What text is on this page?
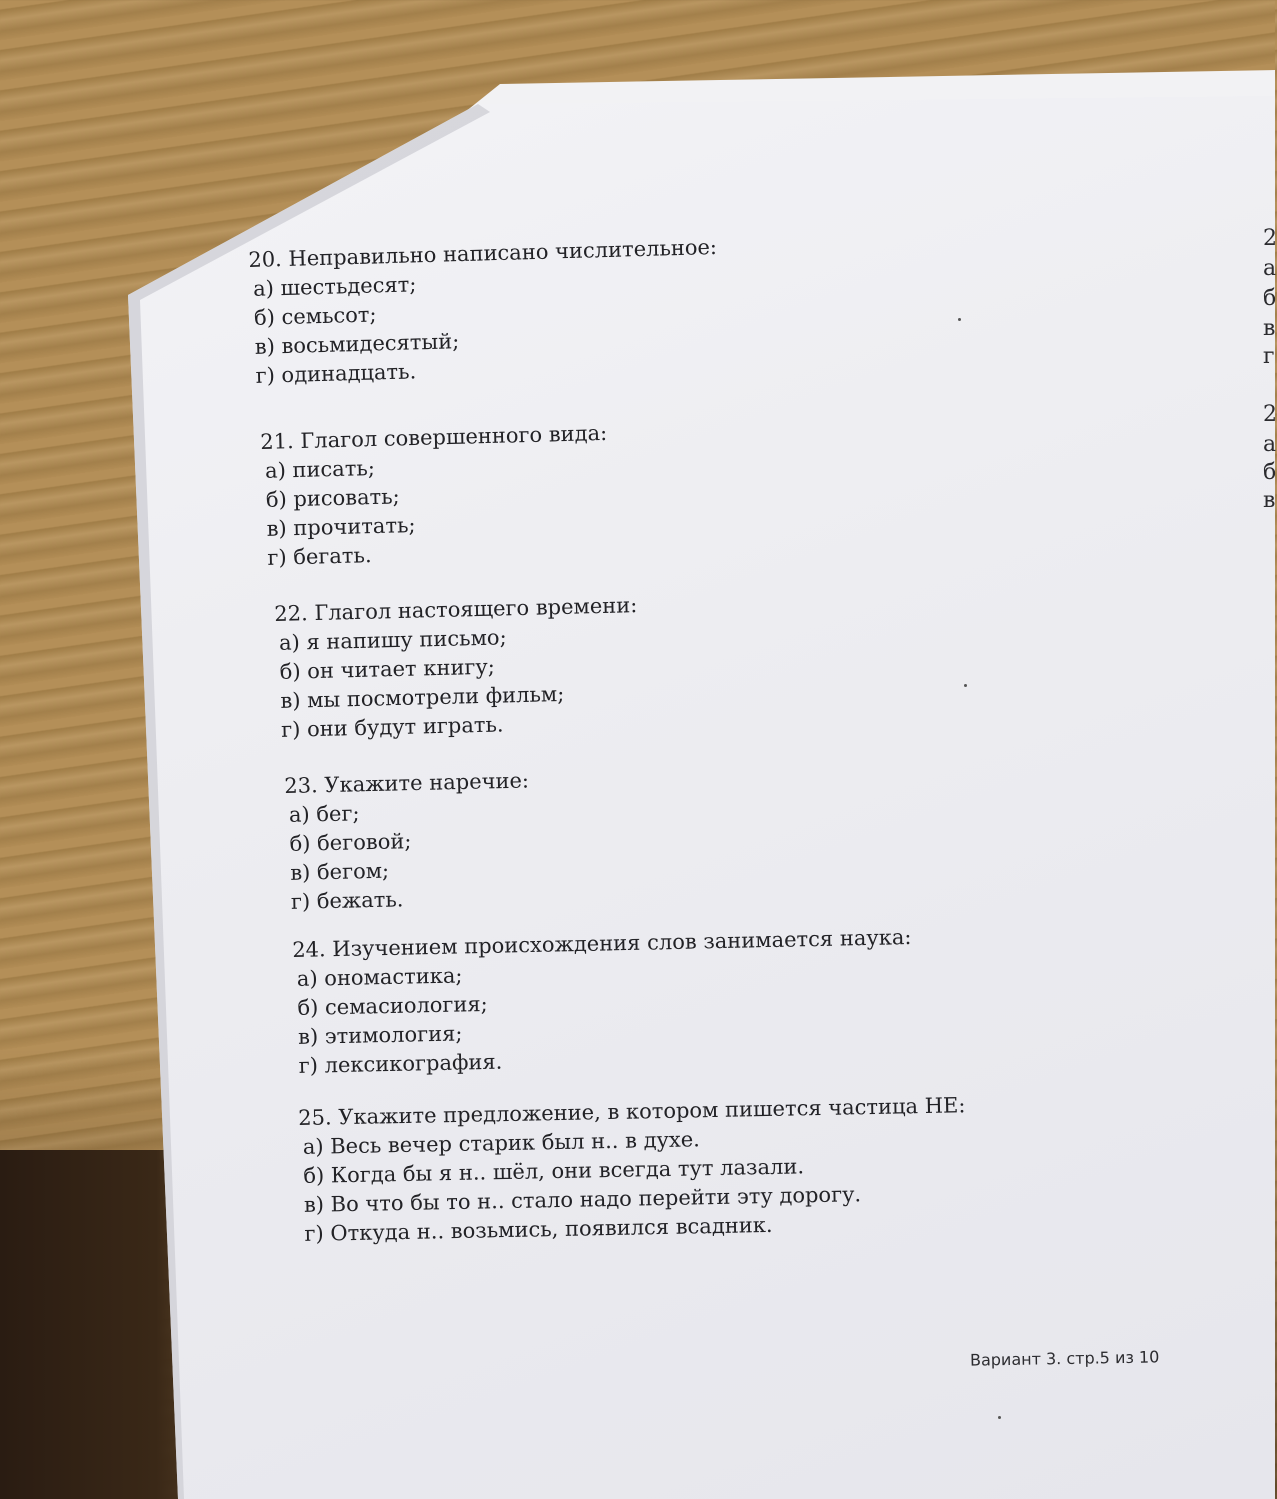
2
а
б
в
г
2
а
б
в
20. Неправильно написано числительное:
а) шестьдесят;
б) семьсот;
в) восьмидесятый;
г) одинадцать.
21. Глагол совершенного вида:
а) писать;
б) рисовать;
в) прочитать;
г) бегать.
22. Глагол настоящего времени:
а) я напишу письмо;
б) он читает книгу;
в) мы посмотрели фильм;
г) они будут играть.
23. Укажите наречие:
а) бег;
б) беговой;
в) бегом;
г) бежать.
24. Изучением происхождения слов занимается наука:
а) ономастика;
б) семасиология;
в) этимология;
г) лексикография.
25. Укажите предложение, в котором пишется частица НЕ:
а) Весь вечер старик был н.. в духе.
б) Когда бы я н.. шёл, они всегда тут лазали.
в) Во что бы то н.. стало надо перейти эту дорогу.
г) Откуда н.. возьмись, появился всадник.
Вариант 3. стр.5 из 10
